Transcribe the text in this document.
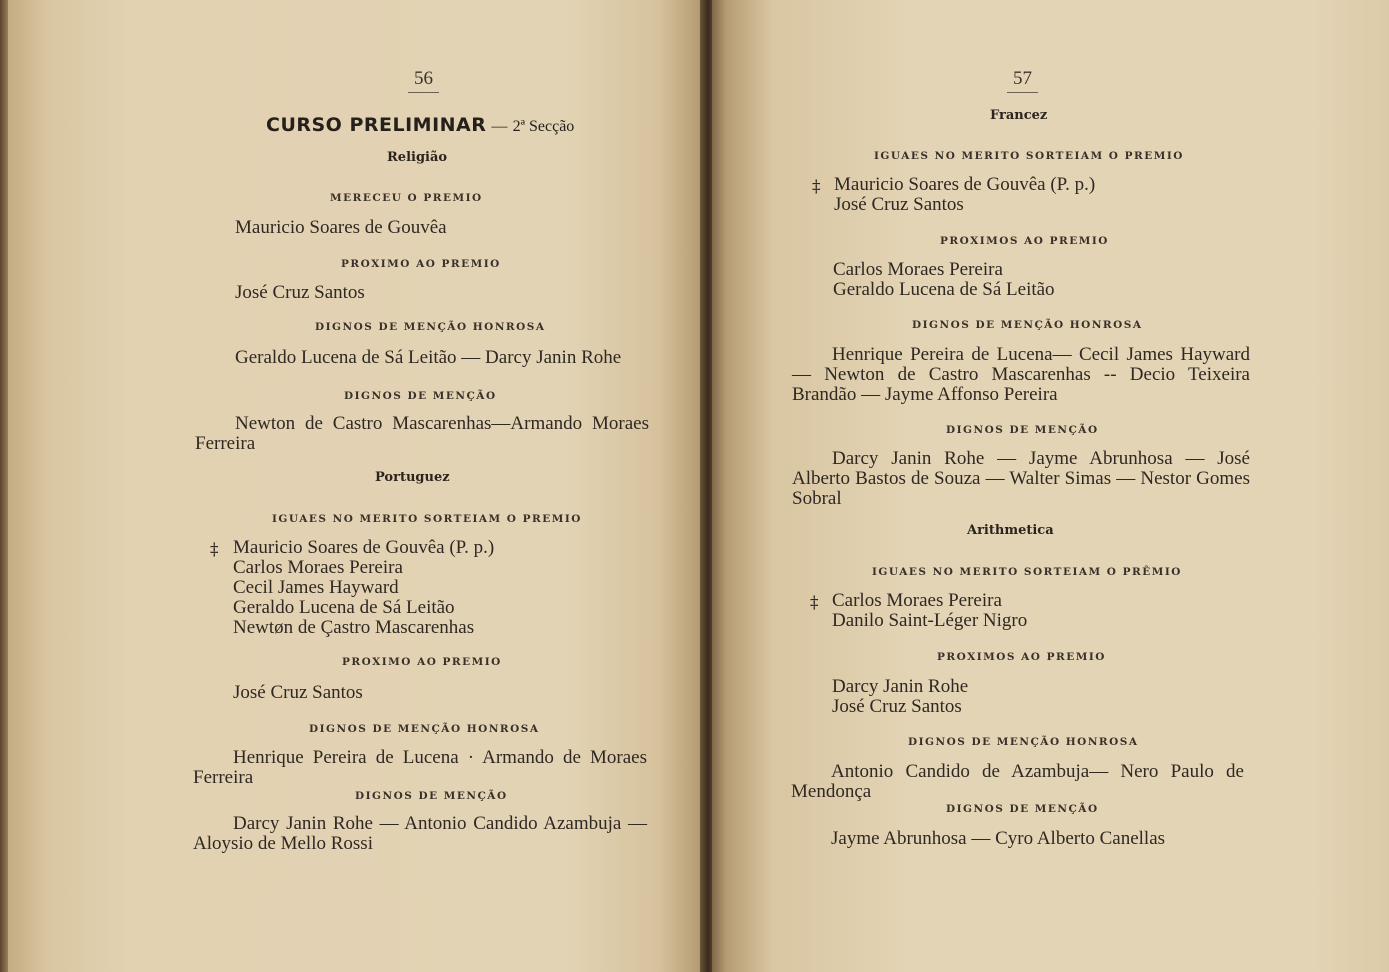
56
CURSO PRELIMINAR — 2ª Secção
Religião
MERECEU O PREMIO
Mauricio Soares de Gouvêa
PROXIMO AO PREMIO
José Cruz Santos
DIGNOS DE MENÇÃO HONROSA
Geraldo Lucena de Sá Leitão — Darcy Janin Rohe
DIGNOS DE MENÇÃO
Newton de Castro Mascarenhas—Armando Moraes Ferreira
Portuguez
IGUAES NO MERITO SORTEIAM O PREMIO
‡ Mauricio Soares de Gouvêa (P. p.)
Carlos Moraes Pereira
Cecil James Hayward
Geraldo Lucena de Sá Leitão
Newtøn de Çastro Mascarenhas
PROXIMO AO PREMIO
José Cruz Santos
DIGNOS DE MENÇÃO HONROSA
Henrique Pereira de Lucena · Armando de Moraes Ferreira
DIGNOS DE MENÇÃO
Darcy Janin Rohe — Antonio Candido Azambuja — Aloysio de Mello Rossi
57
Francez
IGUAES NO MERITO SORTEIAM O PREMIO
‡ Mauricio Soares de Gouvêa (P. p.)
José Cruz Santos
PROXIMOS AO PREMIO
Carlos Moraes Pereira
Geraldo Lucena de Sá Leitão
DIGNOS DE MENÇÃO HONROSA
Henrique Pereira de Lucena— Cecil James Hayward — Newton de Castro Mascarenhas -- Decio Teixeira Brandão — Jayme Affonso Pereira
DIGNOS DE MENÇÃO
Darcy Janin Rohe — Jayme Abrunhosa — José Alberto Bastos de Souza — Walter Simas — Nestor Gomes Sobral
Arithmetica
IGUAES NO MERITO SORTEIAM O PRÊMIO
‡ Carlos Moraes Pereira
Danilo Saint-Léger Nigro
PROXIMOS AO PREMIO
Darcy Janin Rohe
José Cruz Santos
DIGNOS DE MENÇÃO HONROSA
Antonio Candido de Azambuja— Nero Paulo de Mendonça
DIGNOS DE MENÇÃO
Jayme Abrunhosa — Cyro Alberto Canellas
